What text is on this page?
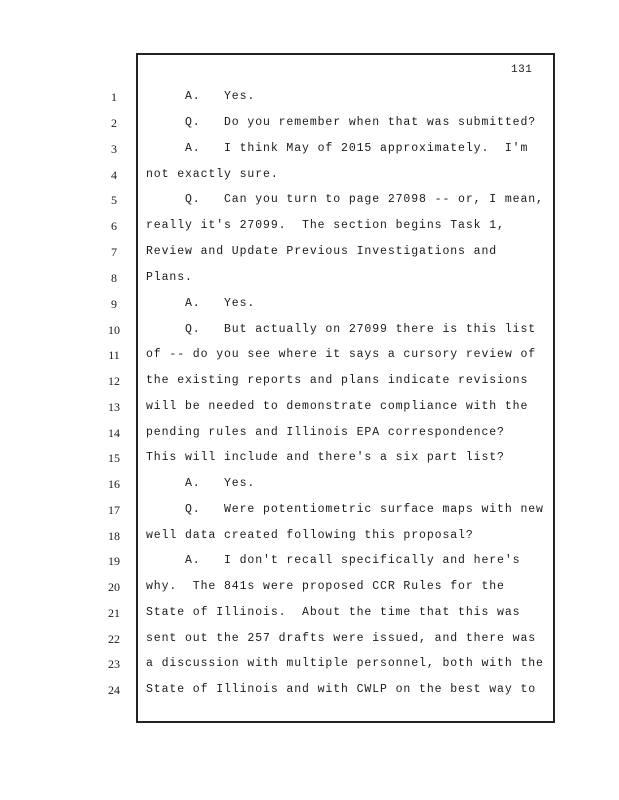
131
1	A.   Yes.
2	Q.   Do you remember when that was submitted?
3	A.   I think May of 2015 approximately.  I'm
4	not exactly sure.
5	Q.   Can you turn to page 27098 -- or, I mean,
6	really it's 27099.  The section begins Task 1,
7	Review and Update Previous Investigations and
8	Plans.
9	A.   Yes.
10	Q.   But actually on 27099 there is this list
11	of -- do you see where it says a cursory review of
12	the existing reports and plans indicate revisions
13	will be needed to demonstrate compliance with the
14	pending rules and Illinois EPA correspondence?
15	This will include and there's a six part list?
16	A.   Yes.
17	Q.   Were potentiometric surface maps with new
18	well data created following this proposal?
19	A.   I don't recall specifically and here's
20	why.  The 841s were proposed CCR Rules for the
21	State of Illinois.  About the time that this was
22	sent out the 257 drafts were issued, and there was
23	a discussion with multiple personnel, both with the
24	State of Illinois and with CWLP on the best way to
